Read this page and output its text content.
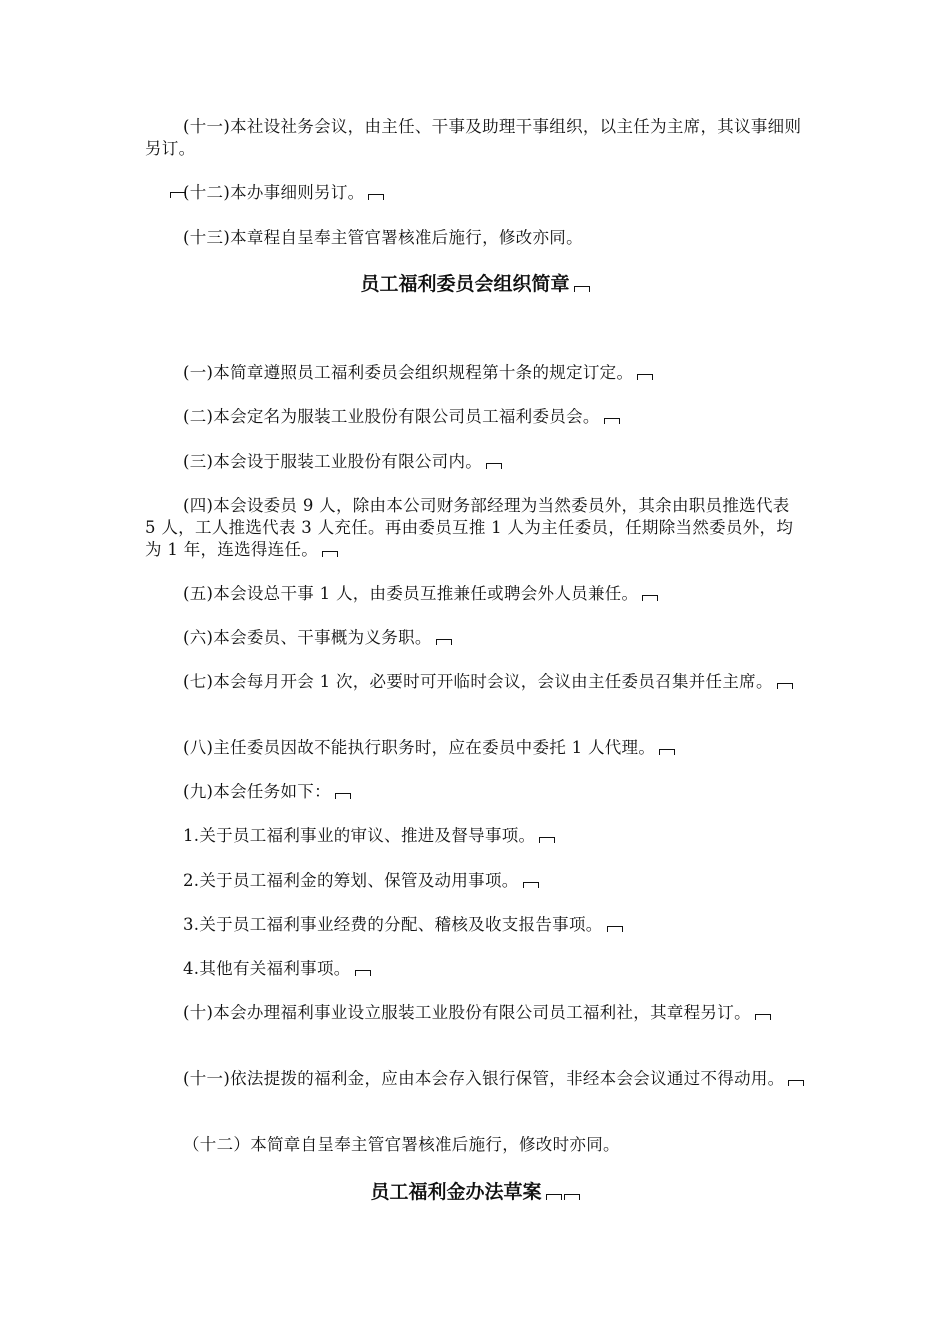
(十一)本社设社务会议，由主任、干事及助理干事组织，以主任为主席，其议事细则另订。

(十二)本办事细则另订。

(十三)本章程自呈奉主管官署核准后施行，修改亦同。

员工福利委员会组织简章

(一)本简章遵照员工福利委员会组织规程第十条的规定订定。

(二)本会定名为服装工业股份有限公司员工福利委员会。

(三)本会设于服装工业股份有限公司内。

(四)本会设委员 9 人，除由本公司财务部经理为当然委员外，其余由职员推选代表 5 人，工人推选代表 3 人充任。再由委员互推 1 人为主任委员，任期除当然委员外，均为 1 年，连选得连任。

(五)本会设总干事 1 人，由委员互推兼任或聘会外人员兼任。

(六)本会委员、干事概为义务职。

(七)本会每月开会 1 次，必要时可开临时会议，会议由主任委员召集并任主席。

(八)主任委员因故不能执行职务时，应在委员中委托 1 人代理。

(九)本会任务如下：

1.关于员工福利事业的审议、推进及督导事项。

2.关于员工福利金的筹划、保管及动用事项。

3.关于员工福利事业经费的分配、稽核及收支报告事项。

4.其他有关福利事项。

(十)本会办理福利事业设立服装工业股份有限公司员工福利社，其章程另订。

(十一)依法提拨的福利金，应由本会存入银行保管，非经本会会议通过不得动用。

（十二）本简章自呈奉主管官署核准后施行，修改时亦同。

员工福利金办法草案
